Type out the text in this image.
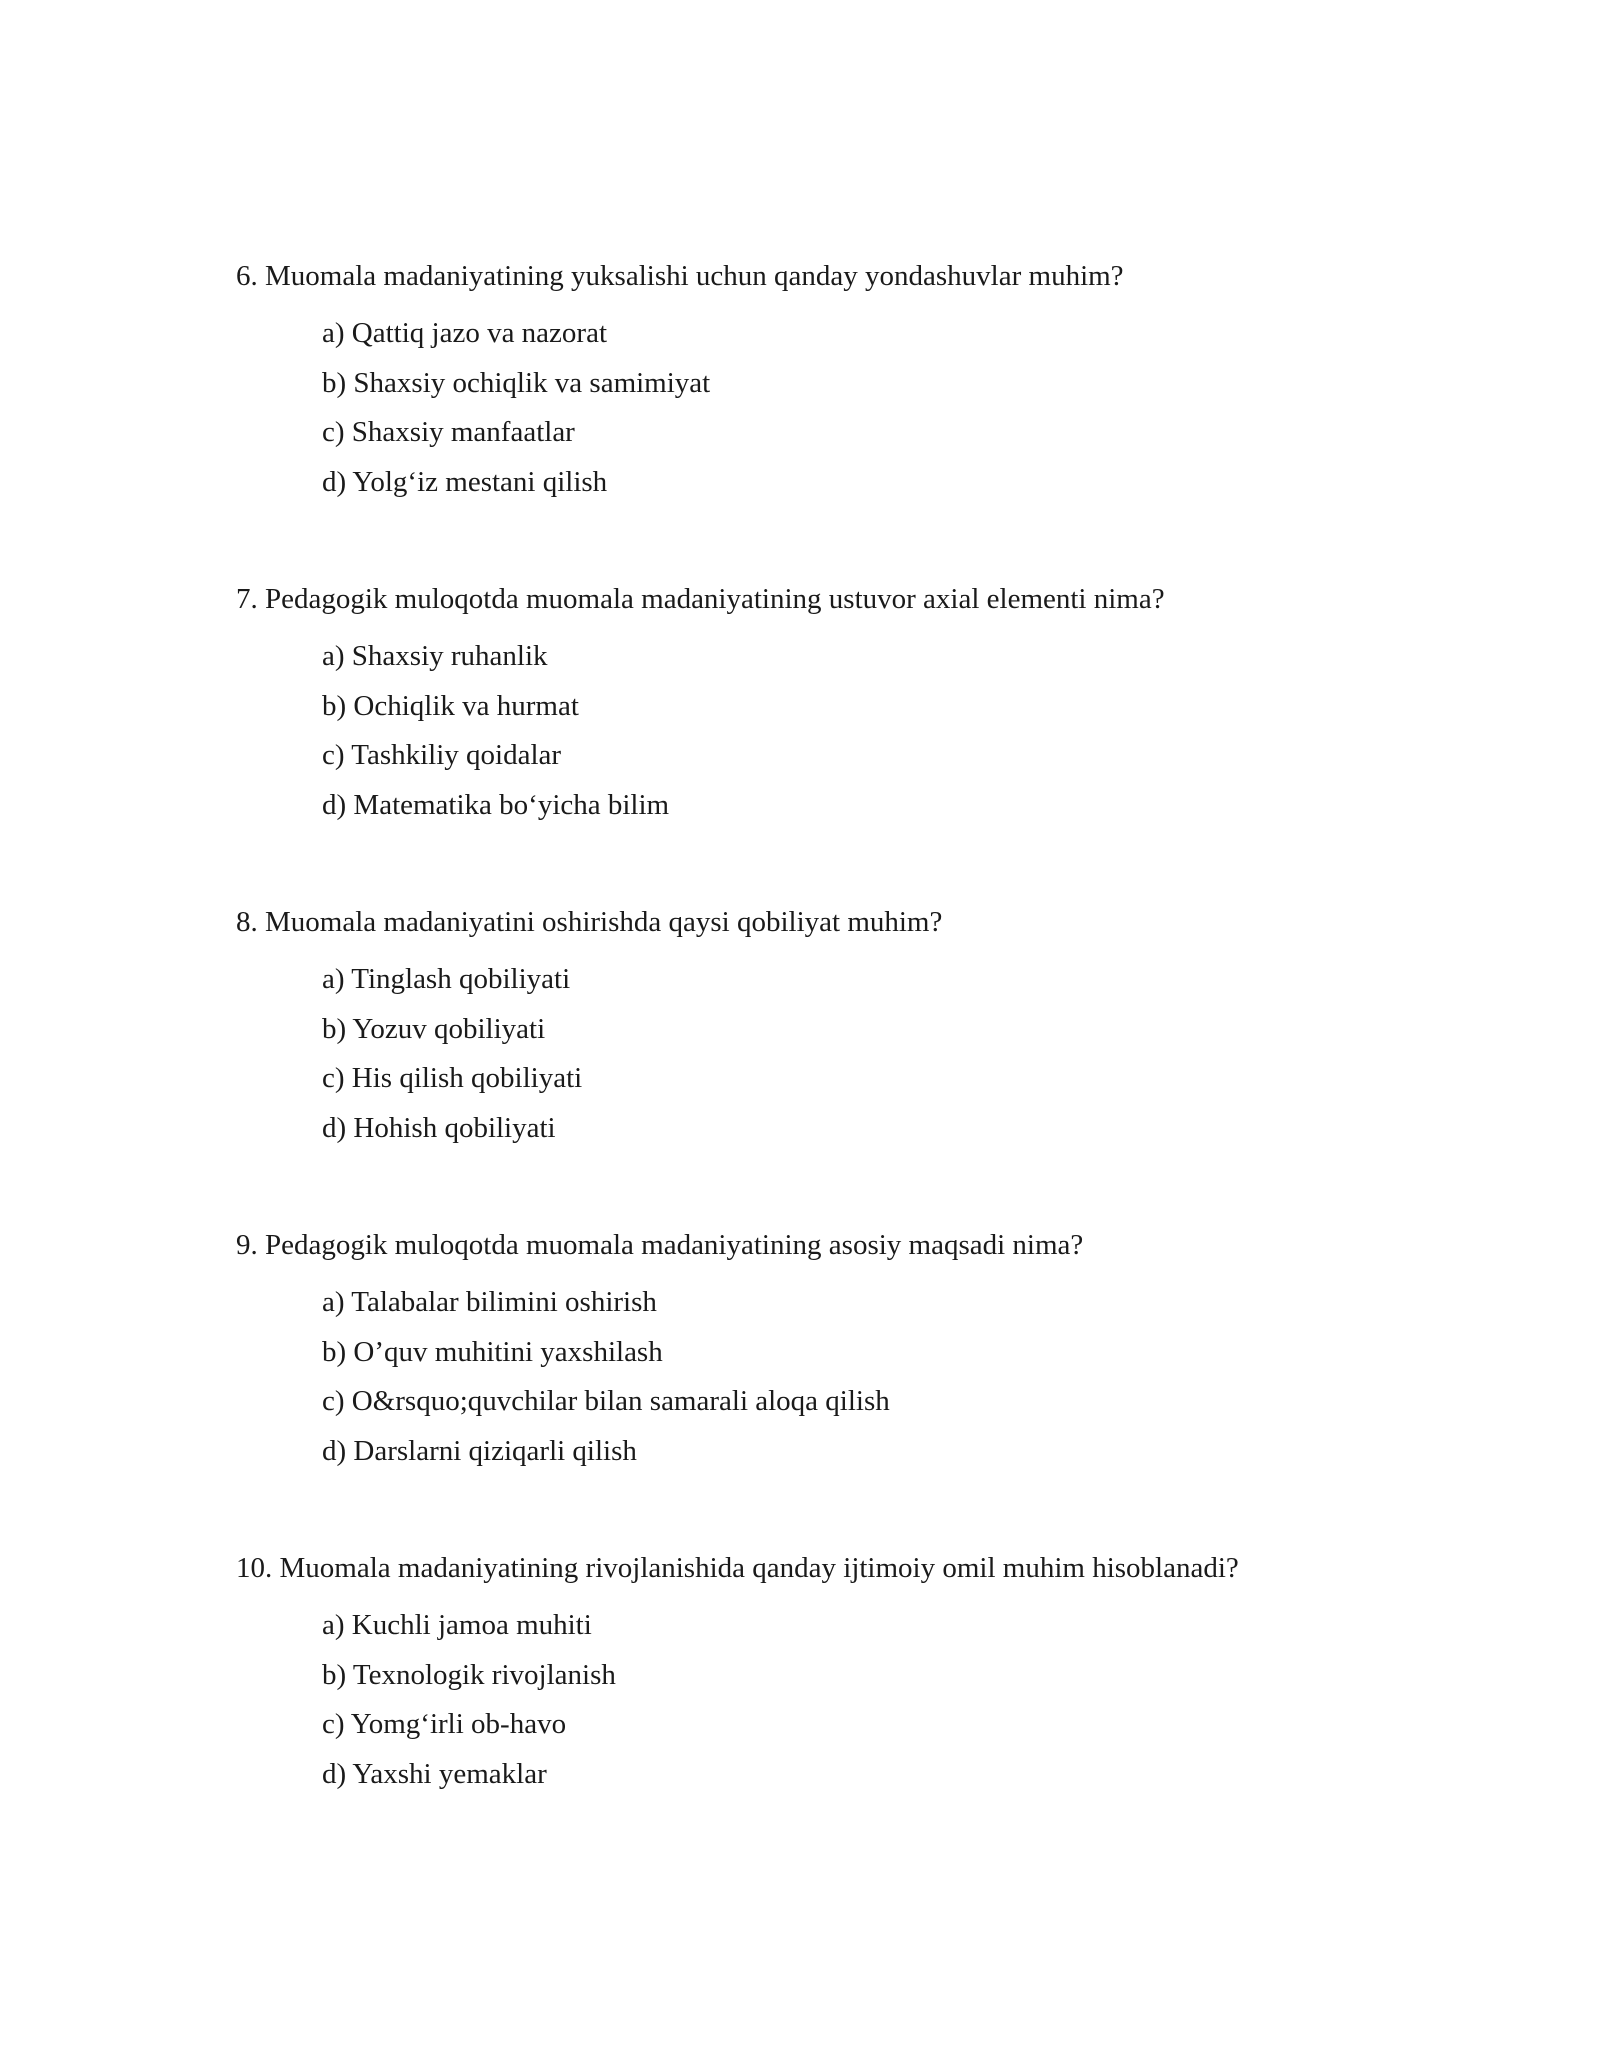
6. Muomala madaniyatining yuksalishi uchun qanday yondashuvlar muhim?

a) Qattiq jazo va nazorat
b) Shaxsiy ochiqlik va samimiyat
c) Shaxsiy manfaatlar
d) Yolg‘iz mestani qilish

7. Pedagogik muloqotda muomala madaniyatining ustuvor axial elementi nima?

a) Shaxsiy ruhanlik
b) Ochiqlik va hurmat
c) Tashkiliy qoidalar
d) Matematika bo‘yicha bilim

8. Muomala madaniyatini oshirishda qaysi qobiliyat muhim?

a) Tinglash qobiliyati
b) Yozuv qobiliyati
c) His qilish qobiliyati
d) Hohish qobiliyati

9. Pedagogik muloqotda muomala madaniyatining asosiy maqsadi nima?

a) Talabalar bilimini oshirish
b) O’quv muhitini yaxshilash
c) O&rsquo;quvchilar bilan samarali aloqa qilish
d) Darslarni qiziqarli qilish

10. Muomala madaniyatining rivojlanishida qanday ijtimoiy omil muhim hisoblanadi?

a) Kuchli jamoa muhiti
b) Texnologik rivojlanish
c) Yomg‘irli ob-havo
d) Yaxshi yemaklar
